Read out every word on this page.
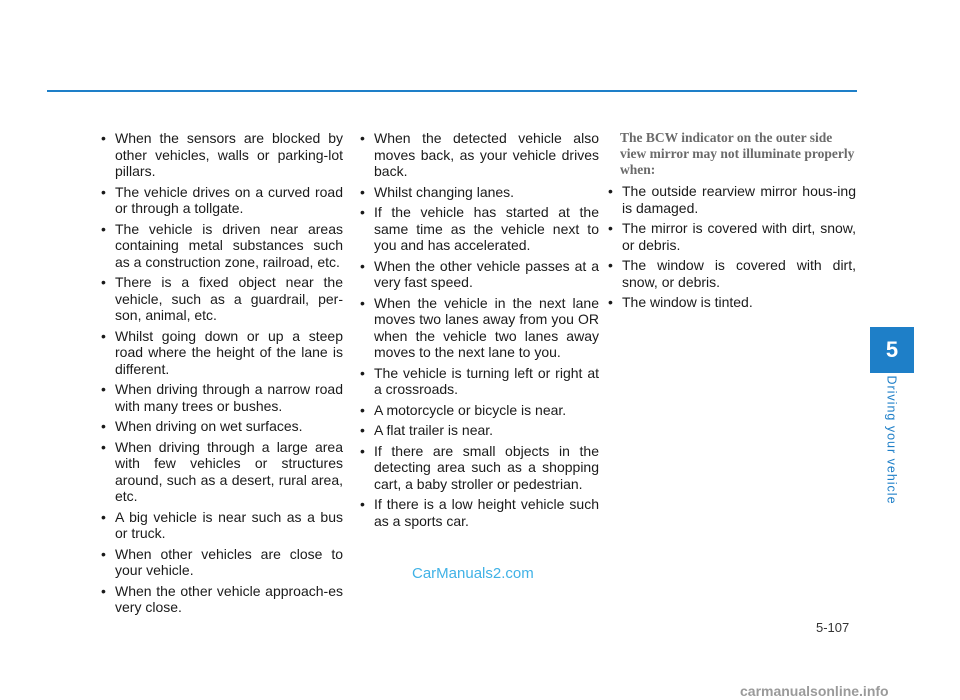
• When the sensors are blocked by other vehicles, walls or parking-lot pillars.
• The vehicle drives on a curved road or through a tollgate.
• The vehicle is driven near areas containing metal substances such as a construction zone, railroad, etc.
• There is a fixed object near the vehicle, such as a guardrail, per-son, animal, etc.
• Whilst going down or up a steep road where the height of the lane is different.
• When driving through a narrow road with many trees or bushes.
• When driving on wet surfaces.
• When driving through a large area with few vehicles or structures around, such as a desert, rural area, etc.
• A big vehicle is near such as a bus or truck.
• When other vehicles are close to your vehicle.
• When the other vehicle approach-es very close.
• When the detected vehicle also moves back, as your vehicle drives back.
• Whilst changing lanes.
• If the vehicle has started at the same time as the vehicle next to you and has accelerated.
• When the other vehicle passes at a very fast speed.
• When the vehicle in the next lane moves two lanes away from you OR when the vehicle two lanes away moves to the next lane to you.
• The vehicle is turning left or right at a crossroads.
• A motorcycle or bicycle is near.
• A flat trailer is near.
• If there are small objects in the detecting area such as a shopping cart, a baby stroller or pedestrian.
• If there is a low height vehicle such as a sports car.
The BCW indicator on the outer side view mirror may not illuminate properly when:
• The outside rearview mirror hous-ing is damaged.
• The mirror is covered with dirt, snow, or debris.
• The window is covered with dirt, snow, or debris.
• The window is tinted.
5
Driving your vehicle
5-107
CarManuals2.com
carmanualsonline.info
